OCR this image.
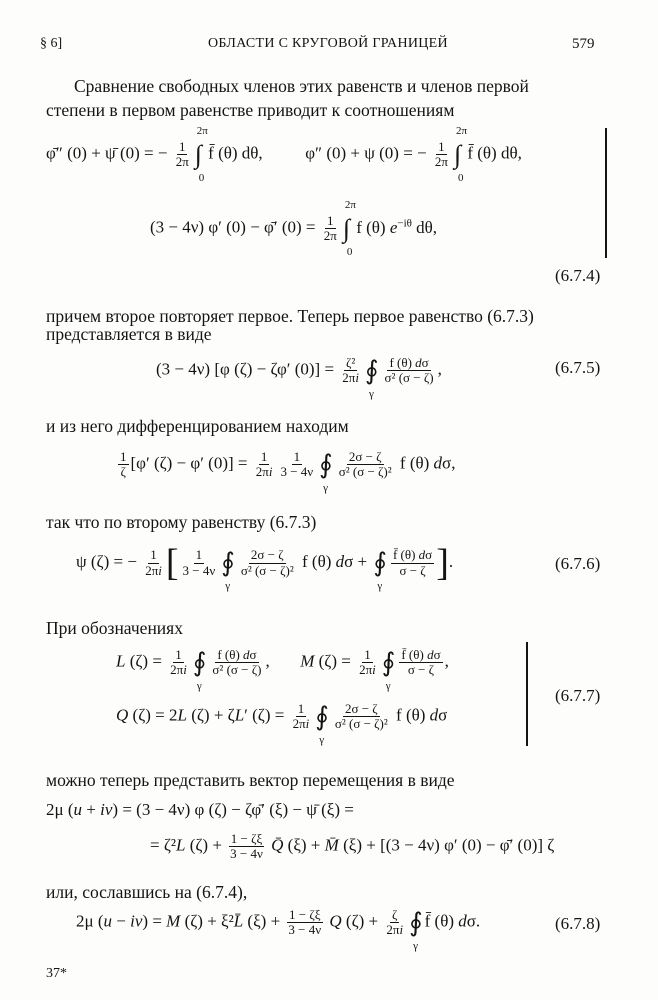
§ 6]	ОБЛАСТИ С КРУГОВОЙ ГРАНИЦЕЙ	579
Сравнение свободных членов этих равенств и членов первой
степени в первом равенстве приводит к соотношениям
φ̄″ (0) + ψ̄ (0) = − $\frac{1}{2\pi}$ ∫
2π
0
f̄ (θ) dθ,	φ″ (0) + ψ (0) = − $\frac{1}{2\pi}$ ∫
2π
0
f̄ (θ) dθ,
(3 − 4ν) φ′ (0) − φ̄′ $(0) = \frac{1}{2\pi}$ ∫
2π
0
f (θ) $e^{-i\theta}$ dθ,
(6.7.4)
причем второе повторяет первое. Теперь первое равенство (6.7.3)
представляется в виде
(3 − 4ν) [φ (ζ) − ζφ′ $(0)] = \frac{\text{ζ²}}{2\pi i}$ ∮
γ
$\frac{f (\theta) d\sigma}{\text{σ² (σ − ζ)}}$ ,	(6.7.5)
и из него дифференцированием находим
$\frac{1}{\zeta} [\varphi'$ (ζ) − φ′ $(0)] = \frac{1}{2\pi i} \frac{1}{3 - 4\nu}$ ∮
γ
$\frac{2\sigma - \zeta}{\text{σ² (σ − ζ)²}}$ f (θ) dσ,
так что по второму равенству (6.7.3)
ψ (ζ) = − $\frac{1}{2\pi i}$ [ $\frac{1}{3 - 4\nu}$ ∮
γ
$\frac{2\sigma - \zeta}{\text{σ² (σ − ζ)²}}$ f (θ) dσ + ∮
γ
$\frac{f̄ (\theta) d\sigma}{\sigma - \zeta}$ ].	(6.7.6)
При обозначениях
L $(\zeta) = \frac{1}{2\pi i}$ ∮
γ
$\frac{f (\theta) d\sigma}{\text{σ² (σ − ζ)}}$ , M $(\zeta) = \frac{1}{2\pi i}$ ∮
γ
$\frac{f̄ (\theta) d\sigma}{\sigma - \zeta}$ ,
Q (ζ) = 2L (ζ) + ζL′ $(\zeta) = \frac{1}{2\pi i}$ ∮
γ
$\frac{2\sigma - \zeta}{\text{σ² (σ − ζ)²}}$ f (θ) dσ
(6.7.7)
можно теперь представить вектор перемещения в виде
2μ (u + iv) = (3 − 4ν) φ (ζ) − ζφ̄′ (ξ) − ψ̄ (ξ) =
= ζ²L $(\zeta) + \frac{1 - \zeta\xi}{3 - 4\nu}$ Q̄ (ξ) + M̄ (ξ) + [(3 − 4ν) φ′ (0) − φ̄′ (0)] ζ
или, сославшись на (6.7.4),
2μ (u − iv) = M (ζ) + ξ²L̄ $(\xi) + \frac{1 - \zeta\xi}{3 - 4\nu}$ Q $(\zeta) + \frac{\zeta}{2\pi i}$ ∮
γ
f̄ (θ) dσ.	(6.7.8)
37*
